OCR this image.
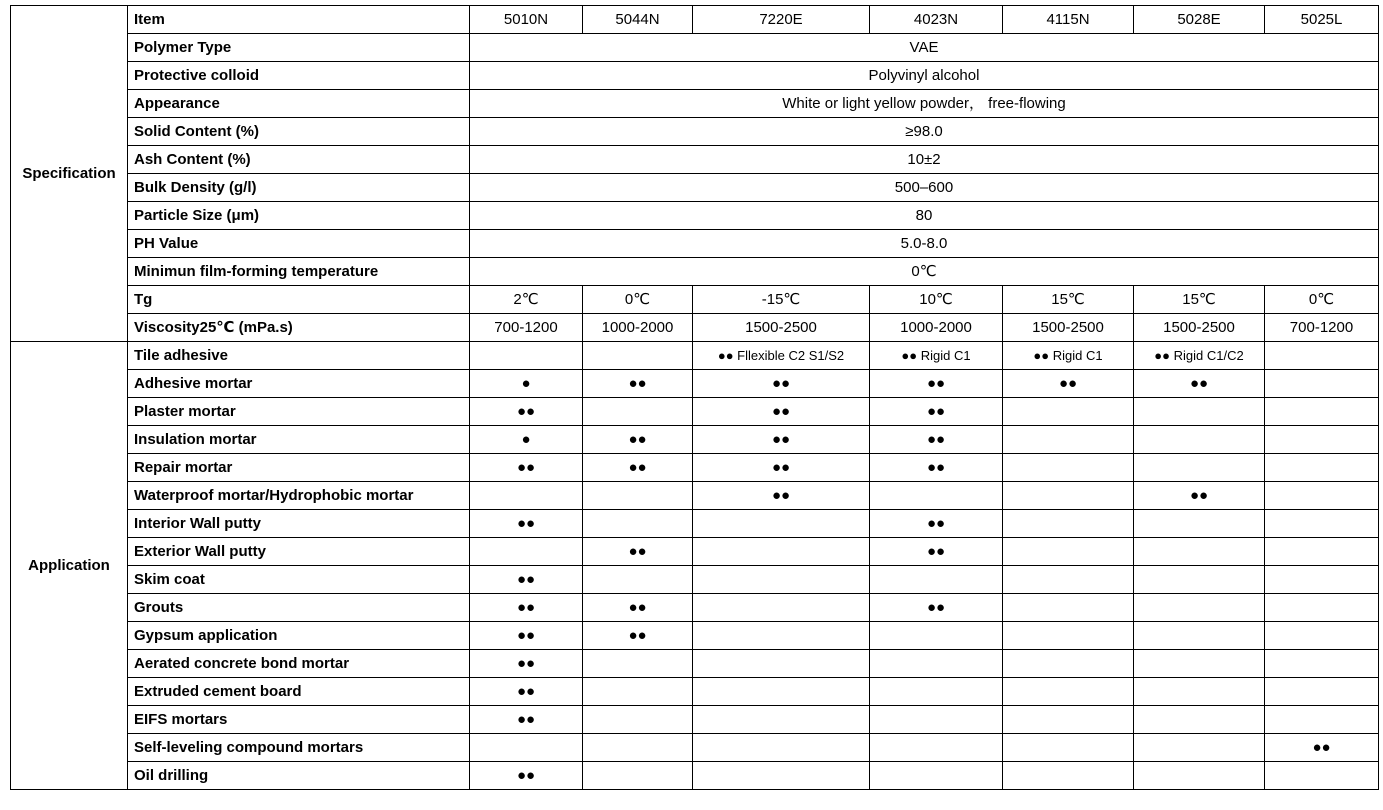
Specification	Item	5010N	5044N	7220E	4023N	4115N	5028E	5025L
	Polymer Type	VAE						
	Protective colloid	Polyvinyl alcohol						
	Appearance	White or light yellow powder， free-flowing						
	Solid Content (%)	≥98.0						
	Ash Content (%)	10±2						
	Bulk Density (g/l)	500–600						
	Particle Size (μm)	80						
	PH Value	5.0-8.0						
	Minimun film-forming temperature	0℃						
	Tg	2℃	0℃	-15℃	10℃	15℃	15℃	0℃
	Viscosity25℃ (mPa.s)	700-1200	1000-2000	1500-2500	1000-2000	1500-2500	1500-2500	700-1200
Application	Tile adhesive			●● Fllexible C2 S1/S2	●● Rigid C1	●● Rigid C1	●● Rigid C1/C2	
	Adhesive mortar	●	●●	●●	●●	●●	●●	
	Plaster mortar	●●		●●	●●			
	Insulation mortar	●	●●	●●	●●			
	Repair mortar	●●	●●	●●	●●			
	Waterproof mortar/Hydrophobic mortar			●●			●●	
	Interior Wall putty	●●			●●			
	Exterior Wall putty		●●		●●			
	Skim coat	●●						
	Grouts	●●	●●		●●			
	Gypsum application	●●	●●					
	Aerated concrete bond mortar	●●						
	Extruded cement board	●●						
	EIFS mortars	●●						
	Self-leveling compound mortars							●●
	Oil drilling	●●						
